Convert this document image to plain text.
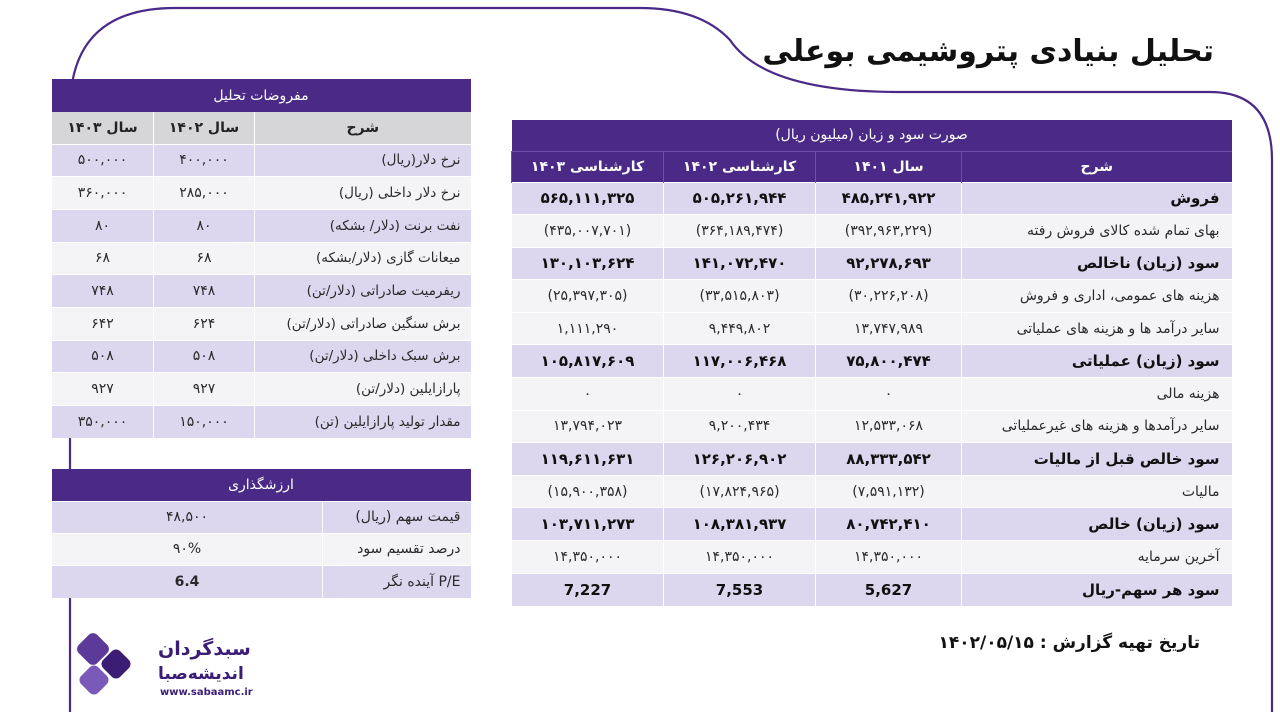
تحلیل بنیادی پتروشیمی بوعلی
صورت سود و زیان (میلیون ریال)			
شرح	سال ۱۴۰۱	کارشناسی ۱۴۰۲	کارشناسی ۱۴۰۳
فروش	۴۸۵,۲۴۱,۹۲۲	۵۰۵,۲۶۱,۹۴۴	۵۶۵,۱۱۱,۳۲۵
بهای تمام شده کالای فروش رفته	(۳۹۲,۹۶۳,۲۲۹)	(۳۶۴,۱۸۹,۴۷۴)	(۴۳۵,۰۰۷,۷۰۱)
سود (زیان) ناخالص	۹۲,۲۷۸,۶۹۳	۱۴۱,۰۷۲,۴۷۰	۱۳۰,۱۰۳,۶۲۴
هزینه های عمومی، اداری و فروش	(۳۰,۲۲۶,۲۰۸)	(۳۳,۵۱۵,۸۰۳)	(۲۵,۳۹۷,۳۰۵)
سایر درآمد ها و هزینه های عملیاتی	۱۳,۷۴۷,۹۸۹	۹,۴۴۹,۸۰۲	۱,۱۱۱,۲۹۰
سود (زیان) عملیاتی	۷۵,۸۰۰,۴۷۴	۱۱۷,۰۰۶,۴۶۸	۱۰۵,۸۱۷,۶۰۹
هزینه مالی	۰	۰	۰
سایر درآمدها و هزینه های غیرعملیاتی	۱۲,۵۳۳,۰۶۸	۹,۲۰۰,۴۳۴	۱۳,۷۹۴,۰۲۳
سود خالص قبل از مالیات	۸۸,۳۳۳,۵۴۲	۱۲۶,۲۰۶,۹۰۲	۱۱۹,۶۱۱,۶۳۱
مالیات	(۷,۵۹۱,۱۳۲)	(۱۷,۸۲۴,۹۶۵)	(۱۵,۹۰۰,۳۵۸)
سود (زیان) خالص	۸۰,۷۴۲,۴۱۰	۱۰۸,۳۸۱,۹۳۷	۱۰۳,۷۱۱,۲۷۳
آخرین سرمایه	۱۴,۳۵۰,۰۰۰	۱۴,۳۵۰,۰۰۰	۱۴,۳۵۰,۰۰۰
سود هر سهم-ریال	5,627	7,553	7,227
مفروضات تحلیل		
شرح	سال ۱۴۰۲	سال ۱۴۰۳
نرخ دلار(ریال)	۴۰۰,۰۰۰	۵۰۰,۰۰۰
نرخ دلار داخلی (ریال)	۲۸۵,۰۰۰	۳۶۰,۰۰۰
نفت برنت (دلار/ بشکه)	۸۰	۸۰
میعانات گازی (دلار/بشکه)	۶۸	۶۸
ریفرمیت صادراتی (دلار/تن)	۷۴۸	۷۴۸
برش سنگین صادراتی (دلار/تن)	۶۲۴	۶۴۲
برش سبک داخلی (دلار/تن)	۵۰۸	۵۰۸
پارازایلین (دلار/تن)	۹۲۷	۹۲۷
مقدار تولید پارازایلین (تن)	۱۵۰,۰۰۰	۳۵۰,۰۰۰
ارزشگذاری	
قیمت سهم (ریال)	۴۸,۵۰۰
درصد تقسیم سود	۹۰%
P/E آینده نگر	6.4
تاریخ تهیه گزارش : ۱۴۰۲/۰۵/۱۵
سبدگردان
اندیشه‌صبا
www.sabaamc.ir
